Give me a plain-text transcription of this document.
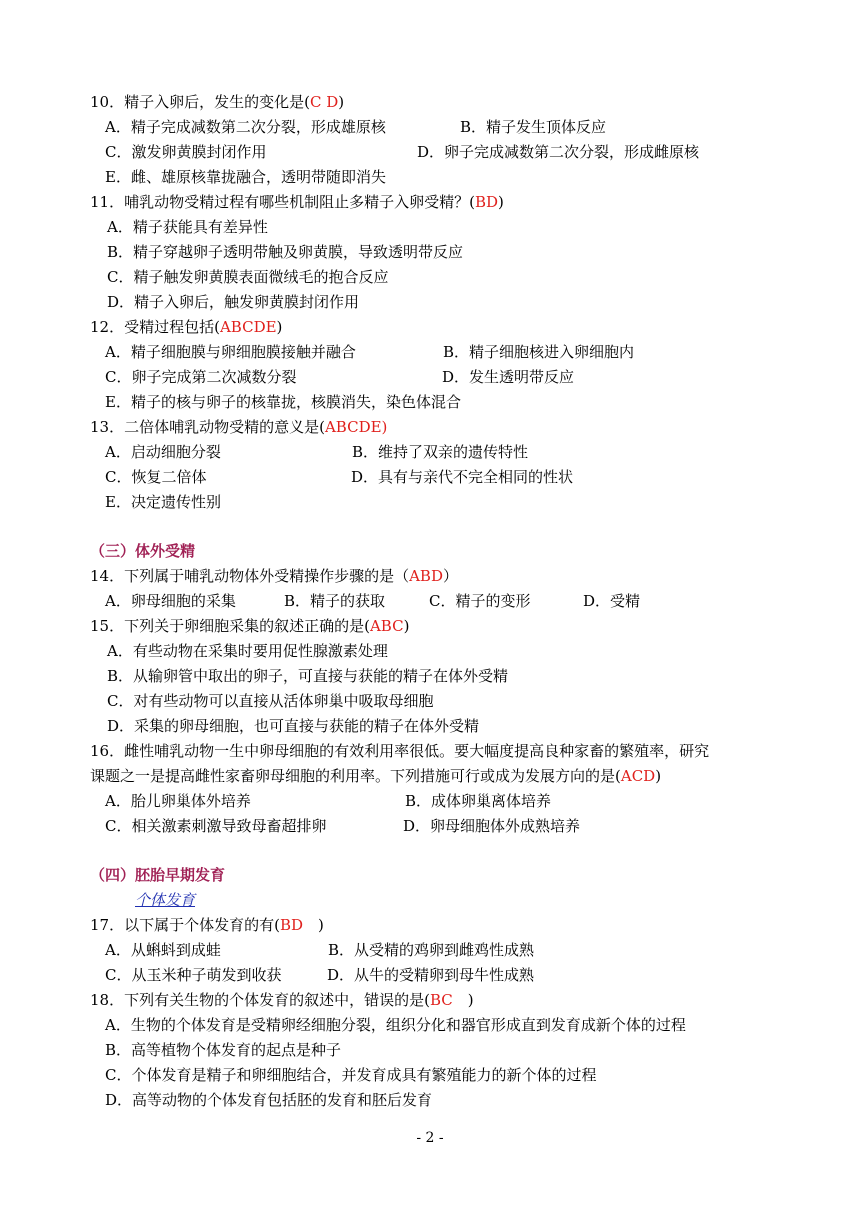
10．精子入卵后，发生的变化是(C D)
A．精子完成减数第二次分裂，形成雄原核	B．精子发生顶体反应
C．激发卵黄膜封闭作用	D．卵子完成减数第二次分裂，形成雌原核
E．雌、雄原核靠拢融合，透明带随即消失
11．哺乳动物受精过程有哪些机制阻止多精子入卵受精？(BD)
A．精子获能具有差异性
B．精子穿越卵子透明带触及卵黄膜，导致透明带反应
C．精子触发卵黄膜表面微绒毛的抱合反应
D．精子入卵后，触发卵黄膜封闭作用
12．受精过程包括(ABCDE)
A．精子细胞膜与卵细胞膜接触并融合	B．精子细胞核进入卵细胞内
C．卵子完成第二次减数分裂	D．发生透明带反应
E．精子的核与卵子的核靠拢，核膜消失，染色体混合
13．二倍体哺乳动物受精的意义是(ABCDE)
A．启动细胞分裂	B．维持了双亲的遗传特性
C．恢复二倍体	D．具有与亲代不完全相同的性状
E．决定遗传性别
（三）体外受精
14．下列属于哺乳动物体外受精操作步骤的是（ABD）
A．卵母细胞的采集	B．精子的获取	C．精子的变形	D．受精
15．下列关于卵细胞采集的叙述正确的是(ABC)
A．有些动物在采集时要用促性腺激素处理
B．从输卵管中取出的卵子，可直接与获能的精子在体外受精
C．对有些动物可以直接从活体卵巢中吸取母细胞
D．采集的卵母细胞，也可直接与获能的精子在体外受精
16．雌性哺乳动物一生中卵母细胞的有效利用率很低。要大幅度提高良种家畜的繁殖率，研究
课题之一是提高雌性家畜卵母细胞的利用率。下列措施可行或成为发展方向的是(ACD)
A．胎儿卵巢体外培养	B．成体卵巢离体培养
C．相关激素刺激导致母畜超排卵	D．卵母细胞体外成熟培养
（四）胚胎早期发育
个体发育
17．以下属于个体发育的有(BD　)
A．从蝌蚪到成蛙	B．从受精的鸡卵到雌鸡性成熟
C．从玉米种子萌发到收获	D．从牛的受精卵到母牛性成熟
18．下列有关生物的个体发育的叙述中，错误的是(BC　)
A．生物的个体发育是受精卵经细胞分裂，组织分化和器官形成直到发育成新个体的过程
B．高等植物个体发育的起点是种子
C．个体发育是精子和卵细胞结合，并发育成具有繁殖能力的新个体的过程
D．高等动物的个体发育包括胚的发育和胚后发育
- 2 -
